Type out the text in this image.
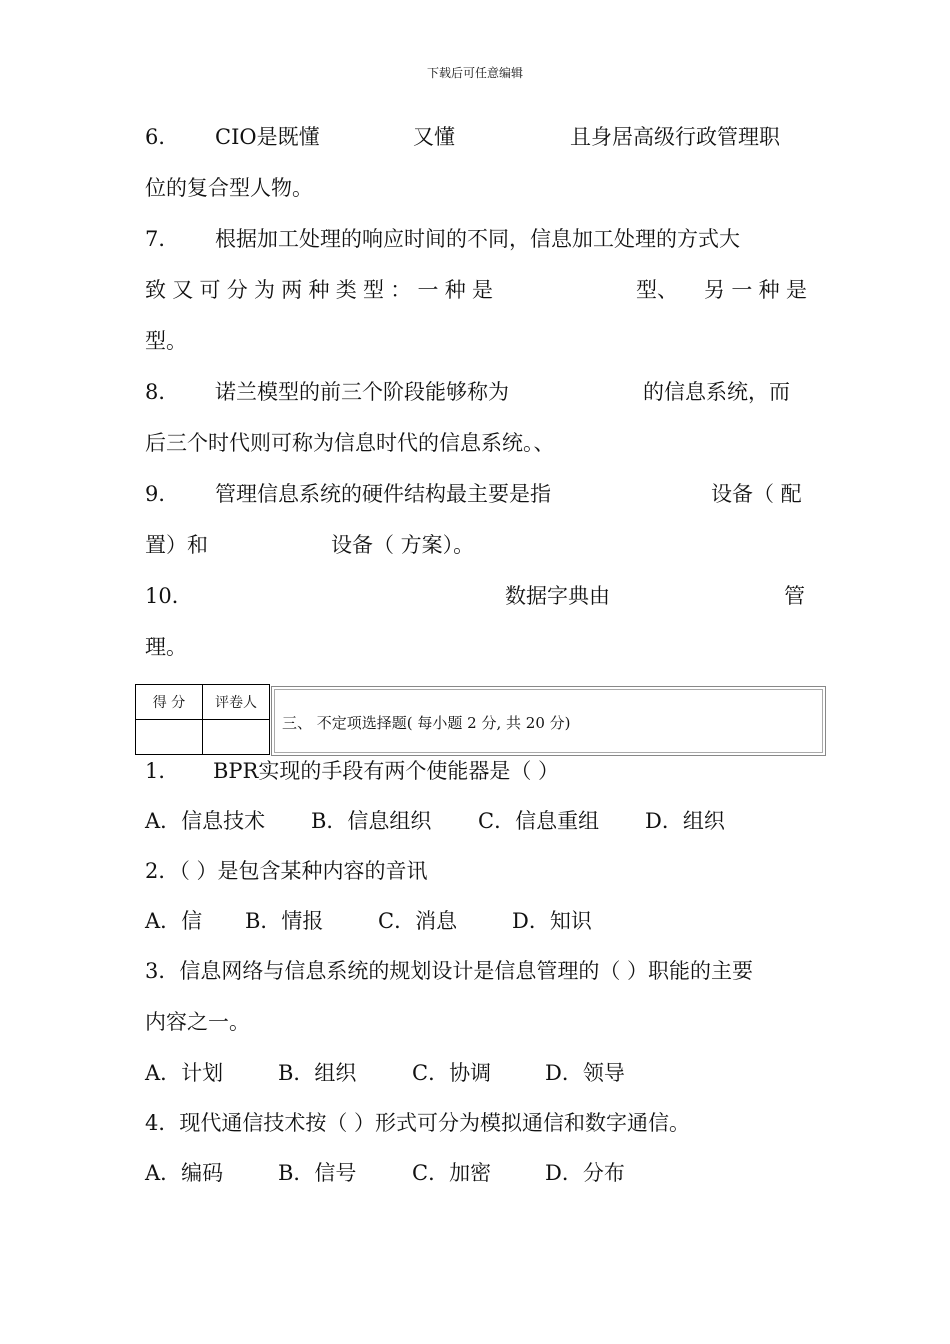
下载后可任意编辑
6． CIO是既懂	又懂	且身居高级行政管理职
位的复合型人物。
7． 根据加工处理的响应时间的不同，信息加工处理的方式大
致 又 可 分 为 两 种 类 型 ： 一 种 是	型、 另 一 种 是
型。
8． 诺兰模型的前三个阶段能够称为	的信息系统，而
后三个时代则可称为信息时代的信息系统。、
9． 管理信息系统的硬件结构最主要是指	设备（ 配
置）和	设备（ 方案）。
10．	数据字典由	管
理。
得 分	评卷人

三、 不定项选择题( 每小题 2 分, 共 20 分)
1． BPR实现的手段有两个使能器是（ ）
A．信息技术 B．信息组织 C．信息重组 D．组织
2．（ ）是包含某种内容的音讯
A．信 B．情报	C．消息	D．知识
3．信息网络与信息系统的规划设计是信息管理的（ ）职能的主要
内容之一。
A．计划	B．组织	C．协调	D．领导
4．现代通信技术按（ ）形式可分为模拟通信和数字通信。
A．编码	B．信号	C．加密	D．分布
